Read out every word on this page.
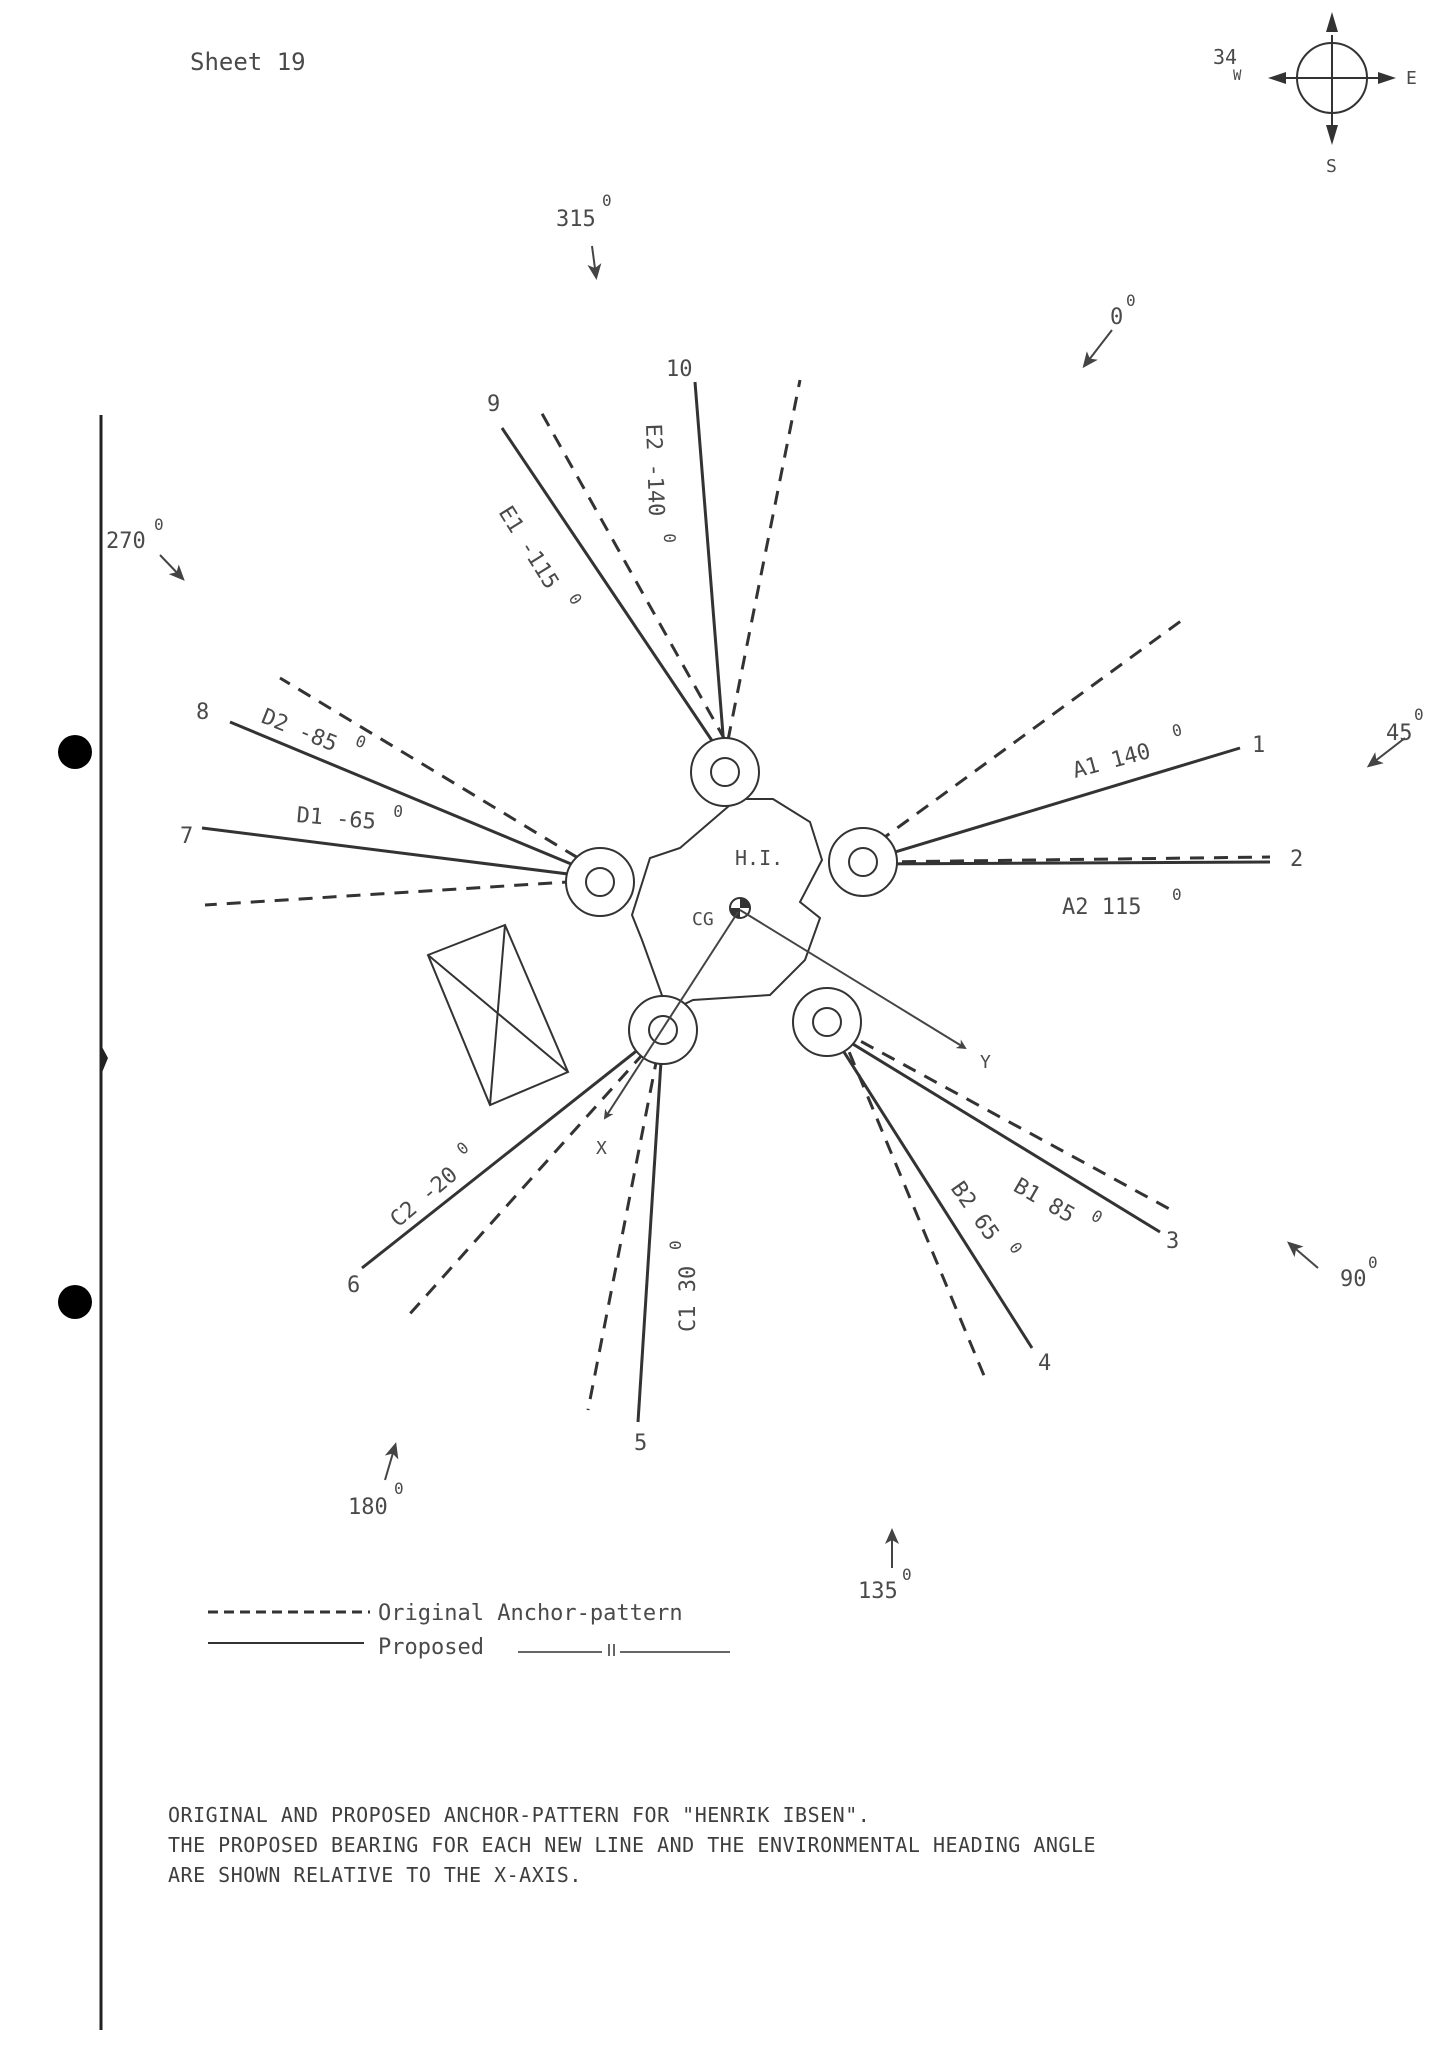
Sheet 19	34
W	E
S
H.I.
CG
Y
X
1
2
3
4
5
6
7
8
9
10
A1 140
0
A2 115
0
B1 85 0
B2 65
0
C1 30
0
C2 -20
0
D1 -65 0
D2 -85 0
E1 -115
0
E2 -140
0
0
0
45
0
90
0
135
0
180
0
270
0
315
0
Original Anchor-pattern
Proposed
ORIGINAL AND PROPOSED ANCHOR-PATTERN FOR "HENRIK IBSEN".
THE PROPOSED BEARING FOR EACH NEW LINE AND THE ENVIRONMENTAL HEADING ANGLE
ARE SHOWN RELATIVE TO THE X-AXIS.
